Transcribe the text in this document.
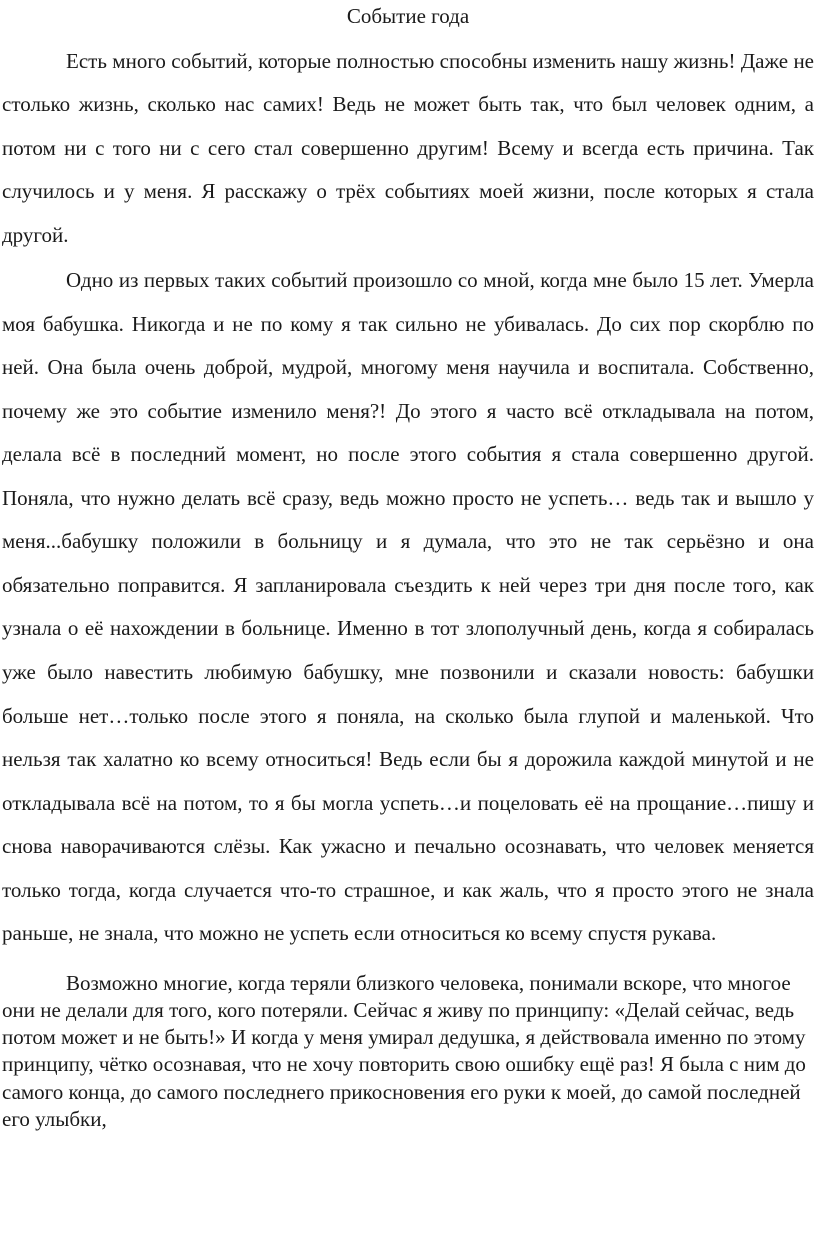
Событие года

Есть много событий, которые полностью способны изменить нашу жизнь! Даже не столько жизнь, сколько нас самих! Ведь не может быть так, что был человек одним, а потом ни с того ни с сего стал совершенно другим! Всему и всегда есть причина. Так случилось и у меня. Я расскажу о трёх событиях моей жизни, после которых я стала другой.

Одно из первых таких событий произошло со мной, когда мне было 15 лет. Умерла моя бабушка. Никогда и не по кому я так сильно не убивалась. До сих пор скорблю по ней. Она была очень доброй, мудрой, многому меня научила и воспитала. Собственно, почему же это событие изменило меня?! До этого я часто всё откладывала на потом, делала всё в последний момент, но после этого события я стала совершенно другой. Поняла, что нужно делать всё сразу, ведь можно просто не успеть… ведь так и вышло у меня...бабушку положили в больницу и я думала, что это не так серьёзно и она обязательно поправится. Я запланировала съездить к ней через три дня после того, как узнала о её нахождении в больнице. Именно в тот злополучный день, когда я собиралась уже было навестить любимую бабушку, мне позвонили и сказали новость: бабушки больше нет…только после этого я поняла, на сколько была глупой и маленькой. Что нельзя так халатно ко всему относиться! Ведь если бы я дорожила каждой минутой и не откладывала всё на потом, то я бы могла успеть…и поцеловать её на прощание…пишу и снова наворачиваются слёзы. Как ужасно и печально осознавать, что человек меняется только тогда, когда случается что-то страшное, и как жаль, что я просто этого не знала раньше, не знала, что можно не успеть если относиться ко всему спустя рукава.

Возможно многие, когда теряли близкого человека, понимали вскоре, что многое они не делали для того, кого потеряли. Сейчас я живу по принципу: «Делай сейчас, ведь потом может и не быть!» И когда у меня умирал дедушка, я действовала именно по этому принципу, чётко осознавая, что не хочу повторить свою ошибку ещё раз! Я была с ним до самого конца, до самого последнего прикосновения его руки к моей, до самой последней его улыбки,
